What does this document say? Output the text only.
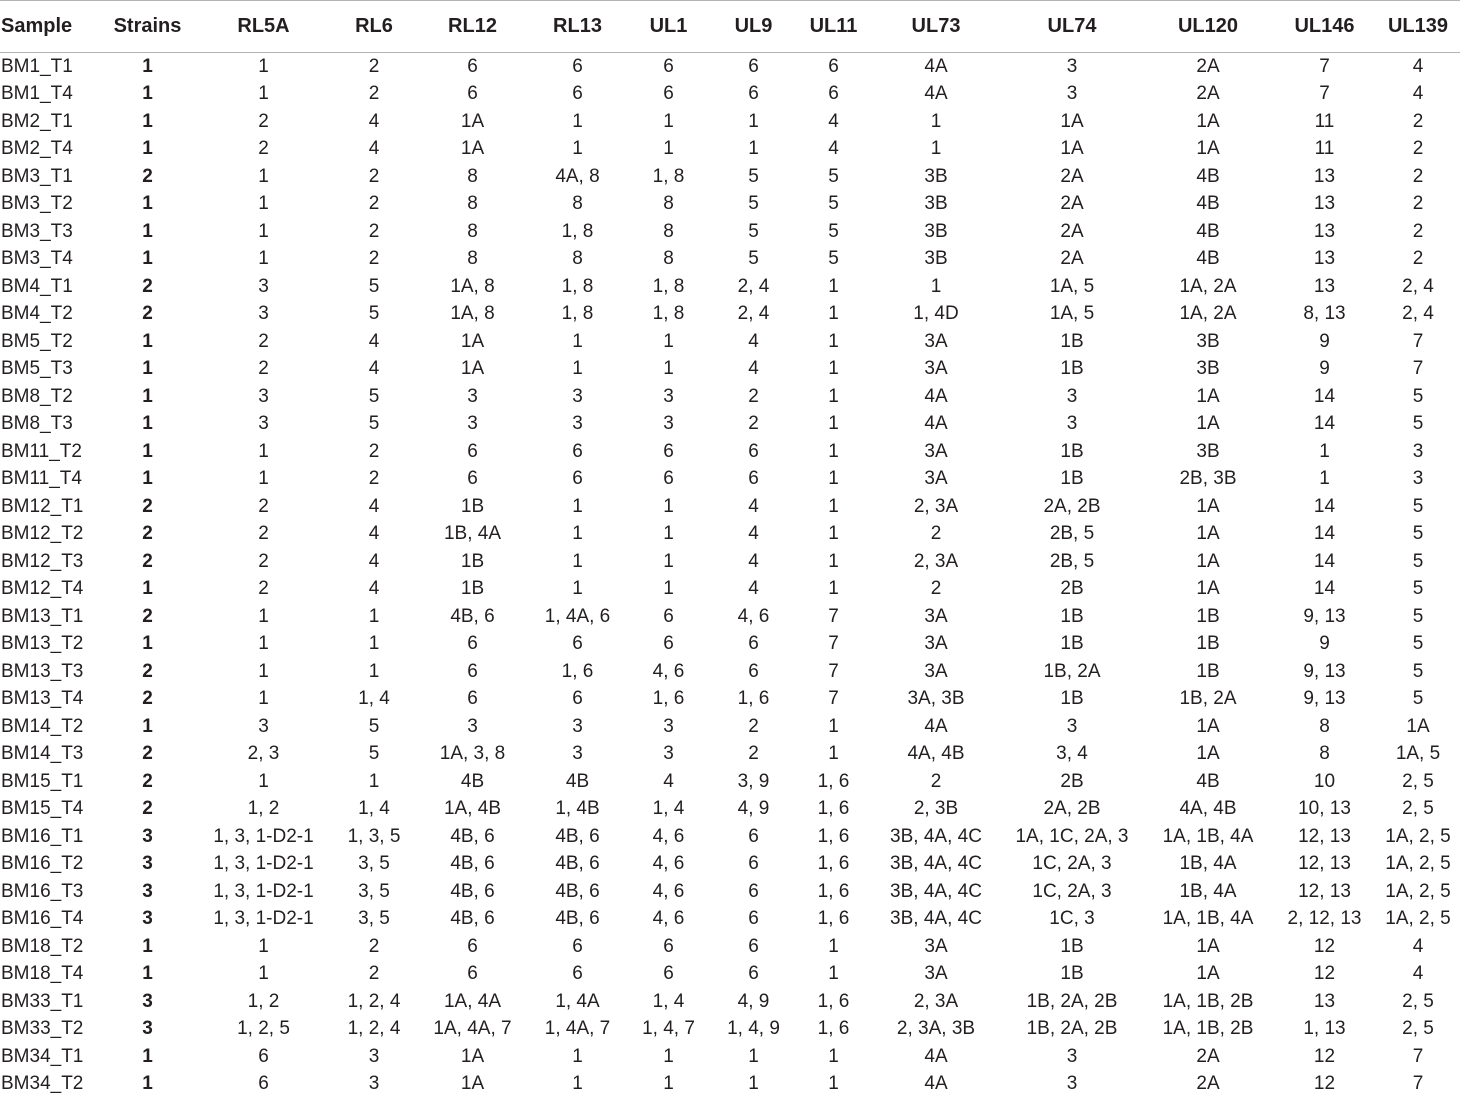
Sample	Strains	RL5A	RL6	RL12	RL13	UL1	UL9	UL11	UL73	UL74	UL120	UL146	UL139
BM1_T1	1	1	2	6	6	6	6	6	4A	3	2A	7	4
BM1_T4	1	1	2	6	6	6	6	6	4A	3	2A	7	4
BM2_T1	1	2	4	1A	1	1	1	4	1	1A	1A	11	2
BM2_T4	1	2	4	1A	1	1	1	4	1	1A	1A	11	2
BM3_T1	2	1	2	8	4A, 8	1, 8	5	5	3B	2A	4B	13	2
BM3_T2	1	1	2	8	8	8	5	5	3B	2A	4B	13	2
BM3_T3	1	1	2	8	1, 8	8	5	5	3B	2A	4B	13	2
BM3_T4	1	1	2	8	8	8	5	5	3B	2A	4B	13	2
BM4_T1	2	3	5	1A, 8	1, 8	1, 8	2, 4	1	1	1A, 5	1A, 2A	13	2, 4
BM4_T2	2	3	5	1A, 8	1, 8	1, 8	2, 4	1	1, 4D	1A, 5	1A, 2A	8, 13	2, 4
BM5_T2	1	2	4	1A	1	1	4	1	3A	1B	3B	9	7
BM5_T3	1	2	4	1A	1	1	4	1	3A	1B	3B	9	7
BM8_T2	1	3	5	3	3	3	2	1	4A	3	1A	14	5
BM8_T3	1	3	5	3	3	3	2	1	4A	3	1A	14	5
BM11_T2	1	1	2	6	6	6	6	1	3A	1B	3B	1	3
BM11_T4	1	1	2	6	6	6	6	1	3A	1B	2B, 3B	1	3
BM12_T1	2	2	4	1B	1	1	4	1	2, 3A	2A, 2B	1A	14	5
BM12_T2	2	2	4	1B, 4A	1	1	4	1	2	2B, 5	1A	14	5
BM12_T3	2	2	4	1B	1	1	4	1	2, 3A	2B, 5	1A	14	5
BM12_T4	1	2	4	1B	1	1	4	1	2	2B	1A	14	5
BM13_T1	2	1	1	4B, 6	1, 4A, 6	6	4, 6	7	3A	1B	1B	9, 13	5
BM13_T2	1	1	1	6	6	6	6	7	3A	1B	1B	9	5
BM13_T3	2	1	1	6	1, 6	4, 6	6	7	3A	1B, 2A	1B	9, 13	5
BM13_T4	2	1	1, 4	6	6	1, 6	1, 6	7	3A, 3B	1B	1B, 2A	9, 13	5
BM14_T2	1	3	5	3	3	3	2	1	4A	3	1A	8	1A
BM14_T3	2	2, 3	5	1A, 3, 8	3	3	2	1	4A, 4B	3, 4	1A	8	1A, 5
BM15_T1	2	1	1	4B	4B	4	3, 9	1, 6	2	2B	4B	10	2, 5
BM15_T4	2	1, 2	1, 4	1A, 4B	1, 4B	1, 4	4, 9	1, 6	2, 3B	2A, 2B	4A, 4B	10, 13	2, 5
BM16_T1	3	1, 3, 1-D2-1	1, 3, 5	4B, 6	4B, 6	4, 6	6	1, 6	3B, 4A, 4C	1A, 1C, 2A, 3	1A, 1B, 4A	12, 13	1A, 2, 5
BM16_T2	3	1, 3, 1-D2-1	3, 5	4B, 6	4B, 6	4, 6	6	1, 6	3B, 4A, 4C	1C, 2A, 3	1B, 4A	12, 13	1A, 2, 5
BM16_T3	3	1, 3, 1-D2-1	3, 5	4B, 6	4B, 6	4, 6	6	1, 6	3B, 4A, 4C	1C, 2A, 3	1B, 4A	12, 13	1A, 2, 5
BM16_T4	3	1, 3, 1-D2-1	3, 5	4B, 6	4B, 6	4, 6	6	1, 6	3B, 4A, 4C	1C, 3	1A, 1B, 4A	2, 12, 13	1A, 2, 5
BM18_T2	1	1	2	6	6	6	6	1	3A	1B	1A	12	4
BM18_T4	1	1	2	6	6	6	6	1	3A	1B	1A	12	4
BM33_T1	3	1, 2	1, 2, 4	1A, 4A	1, 4A	1, 4	4, 9	1, 6	2, 3A	1B, 2A, 2B	1A, 1B, 2B	13	2, 5
BM33_T2	3	1, 2, 5	1, 2, 4	1A, 4A, 7	1, 4A, 7	1, 4, 7	1, 4, 9	1, 6	2, 3A, 3B	1B, 2A, 2B	1A, 1B, 2B	1, 13	2, 5
BM34_T1	1	6	3	1A	1	1	1	1	4A	3	2A	12	7
BM34_T2	1	6	3	1A	1	1	1	1	4A	3	2A	12	7
